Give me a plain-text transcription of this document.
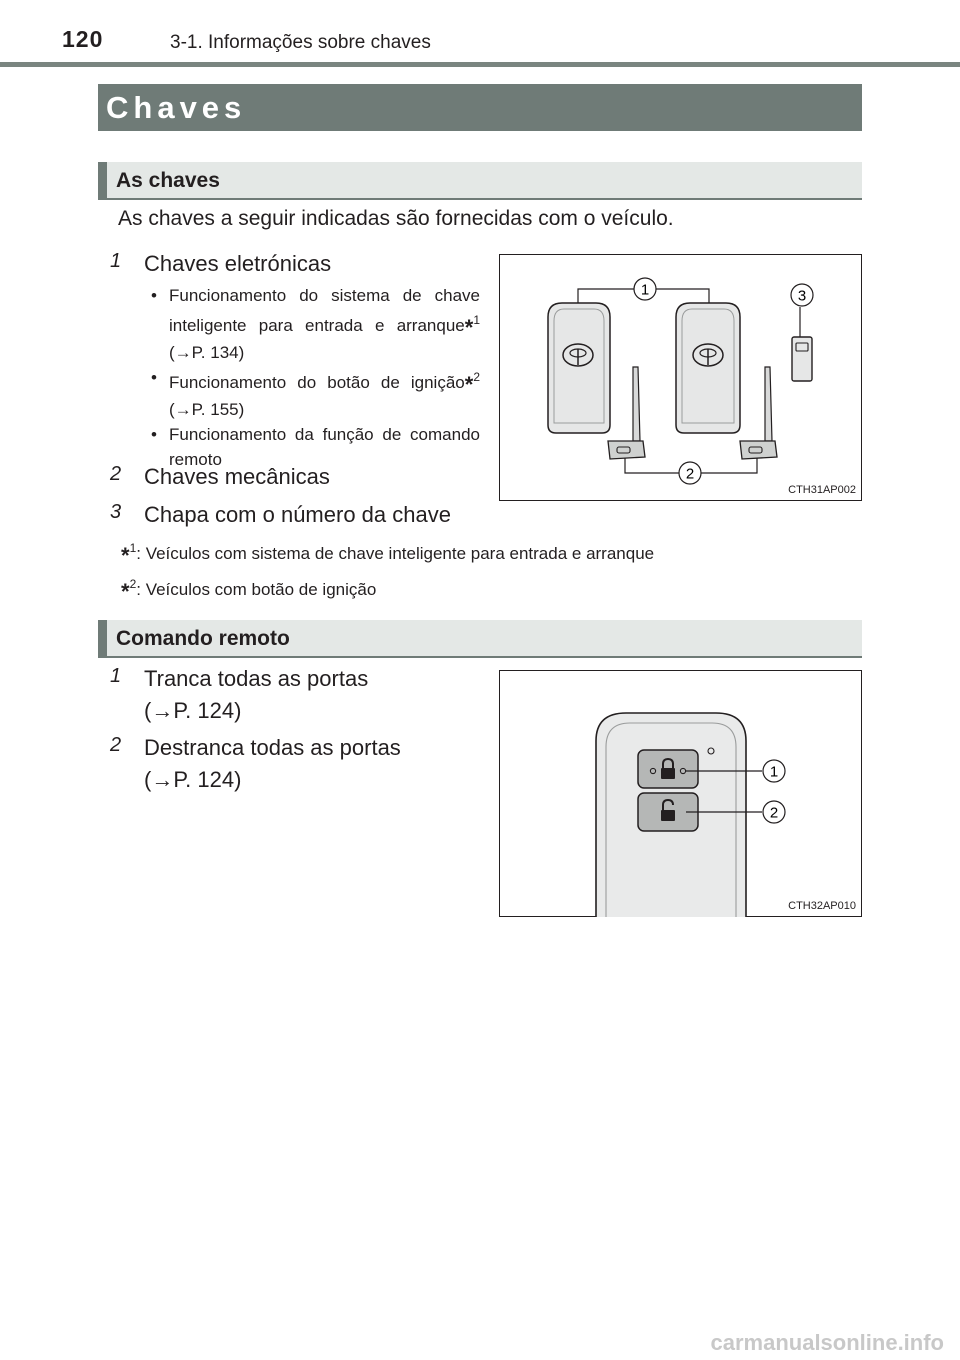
120	3-1. Informações sobre chaves
Chaves
As chaves
As chaves a seguir indicadas são fornecidas com o veículo.
1 Chaves eletrónicas
• Funcionamento do sistema de chave inteligente para entrada e arranque*$^1$ (→P. 134)
• Funcionamento do botão de ignição*$^2$ (→P. 155)
• Funcionamento da função de comando remoto
2 Chaves mecânicas
3 Chapa com o número da chave
1	3
2
CTH31AP002
*$^1$: Veículos com sistema de chave inteligente para entrada e arranque
*$^2$: Veículos com botão de ignição
Comando remoto
1 Tranca todas as portas
(→P. 124)
2 Destranca todas as portas
(→P. 124)	1
2
CTH32AP010
carmanualsonline.info
